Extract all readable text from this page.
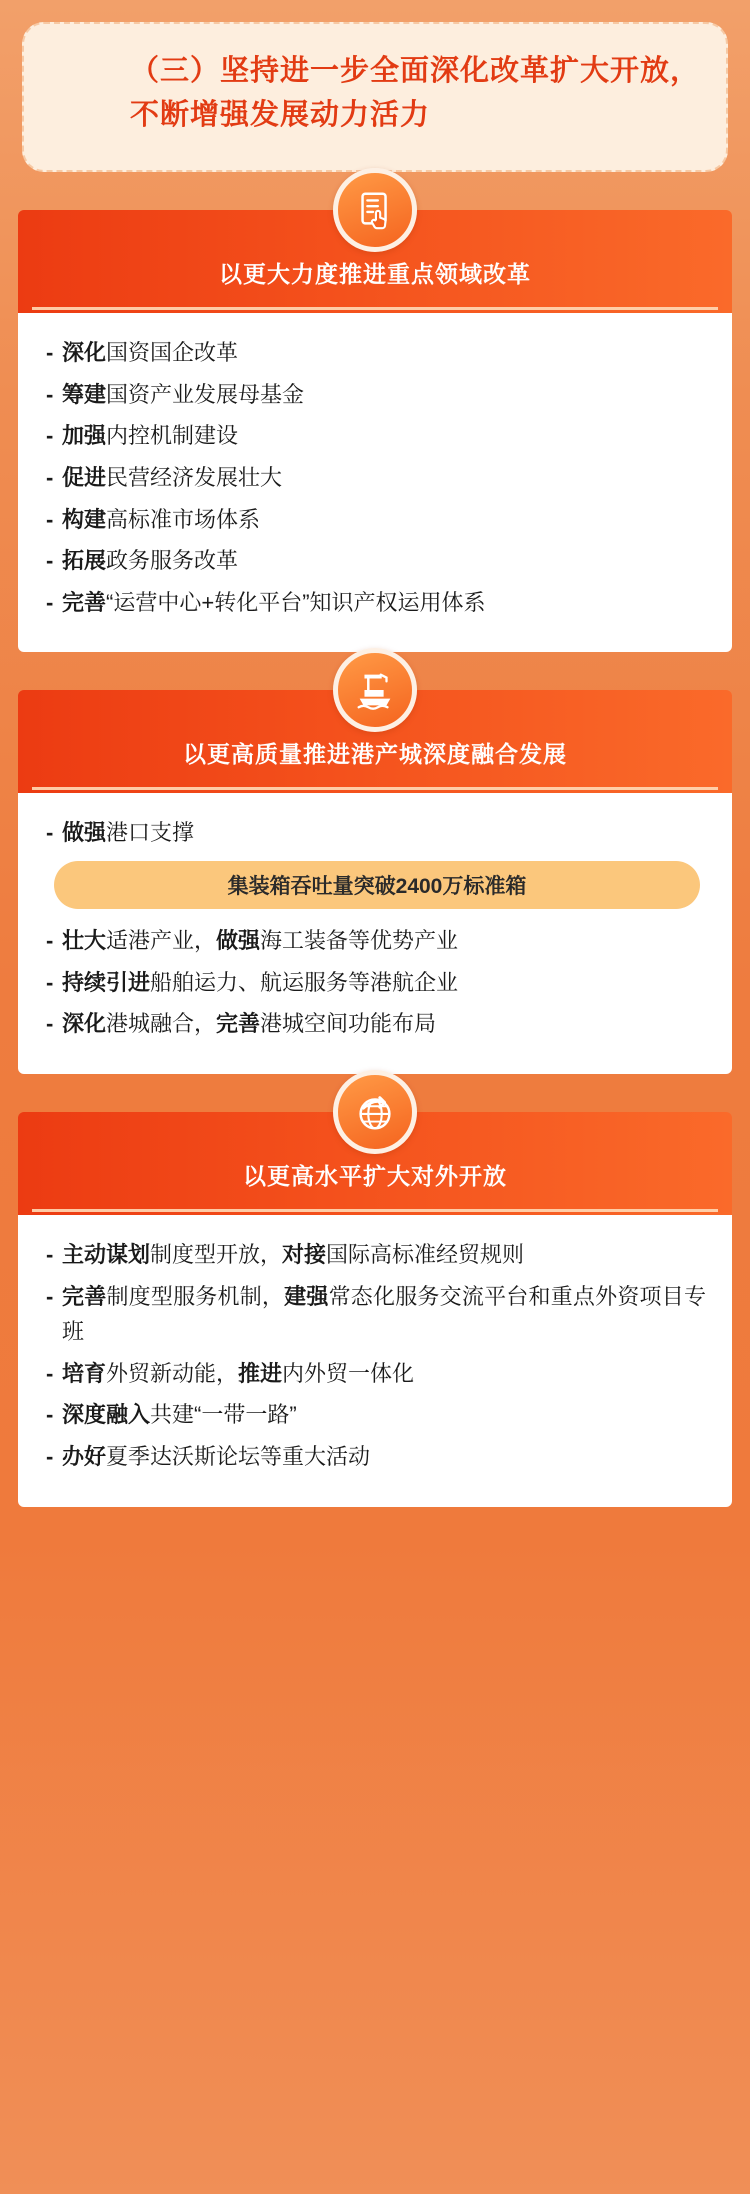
（三）坚持进一步全面深化改革扩大开放，不断增强发展动力活力
以更大力度推进重点领域改革
- 深化国资国企改革
- 筹建国资产业发展母基金
- 加强内控机制建设
- 促进民营经济发展壮大
- 构建高标准市场体系
- 拓展政务服务改革
- 完善“运营中心+转化平台”知识产权运用体系
以更高质量推进港产城深度融合发展
- 做强港口支撑
集装箱吞吐量突破2400万标准箱
- 壮大适港产业，做强海工装备等优势产业
- 持续引进船舶运力、航运服务等港航企业
- 深化港城融合，完善港城空间功能布局
以更高水平扩大对外开放
- 主动谋划制度型开放，对接国际高标准经贸规则
- 完善制度型服务机制，建强常态化服务交流平台和重点外资项目专班
- 培育外贸新动能，推进内外贸一体化
- 深度融入共建“一带一路”
- 办好夏季达沃斯论坛等重大活动
